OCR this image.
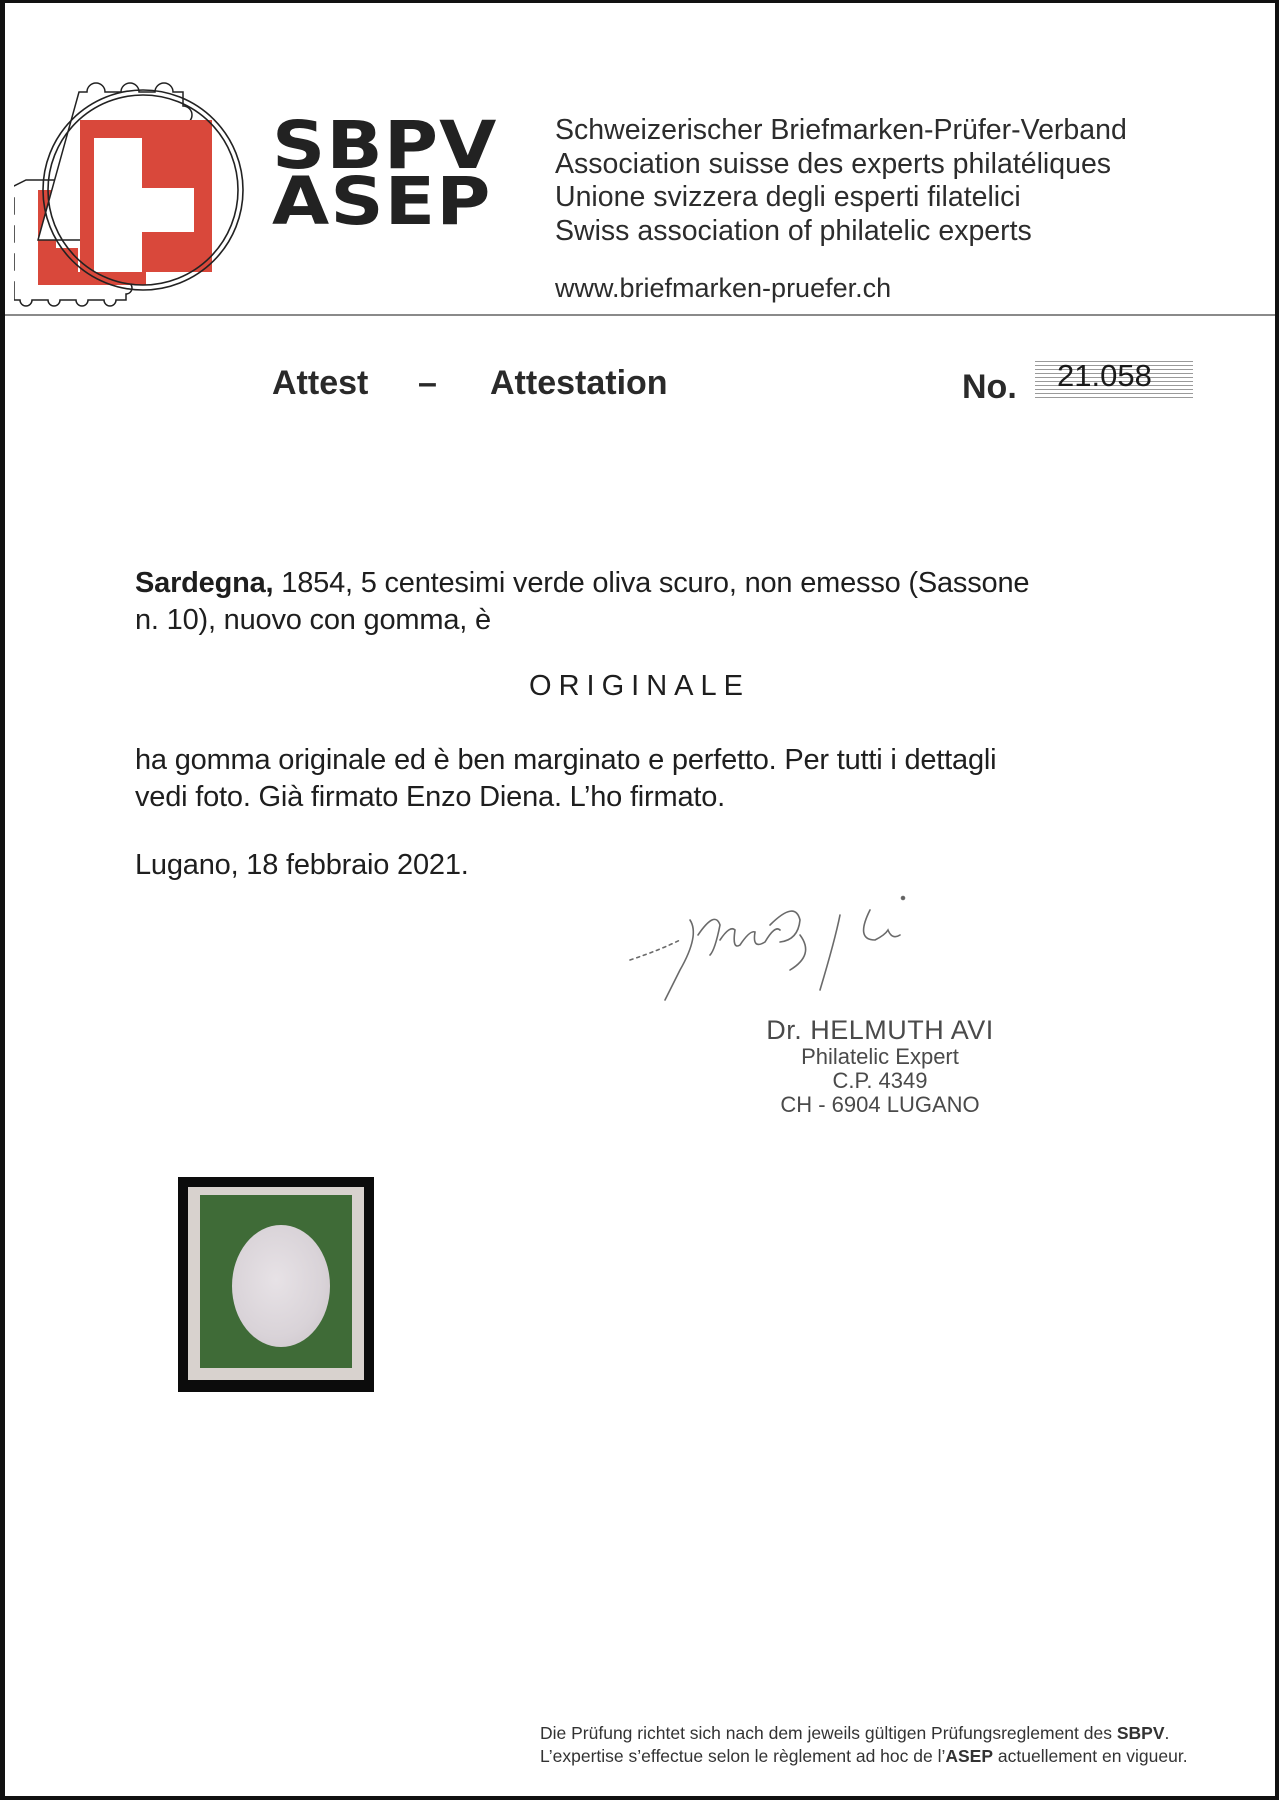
SBPV
ASEP
Schweizerischer Briefmarken-Prüfer-Verband
Association suisse des experts philatéliques
Unione svizzera degli esperti filatelici
Swiss association of philatelic experts
www.briefmarken-pruefer.ch
Attest – Attestation	No. 21.058
Sardegna, 1854, 5 centesimi verde oliva scuro, non emesso (Sassone
n. 10), nuovo con gomma, è
ORIGINALE
ha gomma originale ed è ben marginato e perfetto. Per tutti i dettagli
vedi foto. Già firmato Enzo Diena. L’ho firmato.
Lugano, 18 febbraio 2021.
Dr. HELMUTH AVI
Philatelic Expert
C.P. 4349
CH - 6904 LUGANO
Die Prüfung richtet sich nach dem jeweils gültigen Prüfungsreglement des SBPV.
L’expertise s’effectue selon le règlement ad hoc de l’ASEP actuellement en vigueur.
